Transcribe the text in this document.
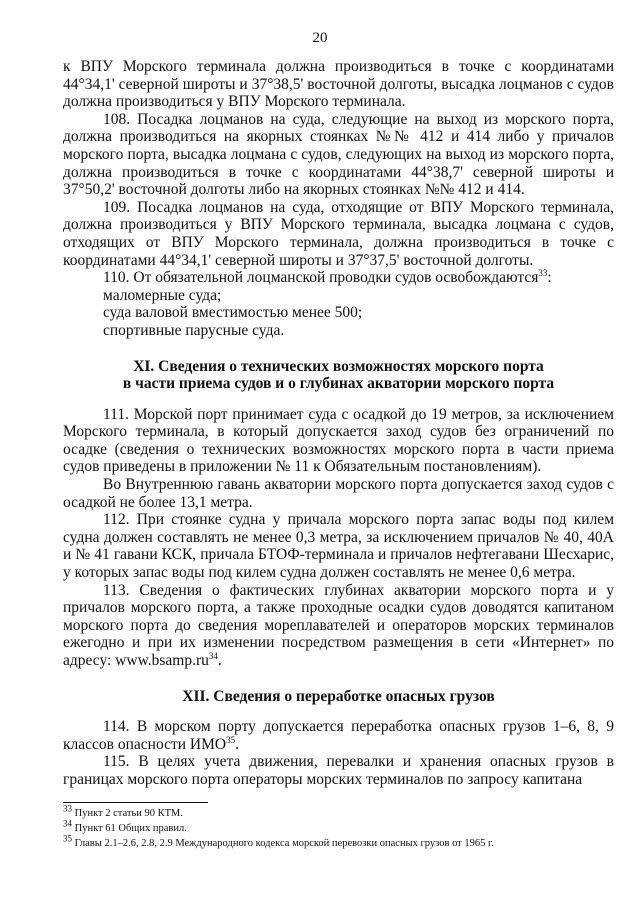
20

к ВПУ Морского терминала должна производиться в точке с координатами 44°34,1' северной широты и 37°38,5' восточной долготы, высадка лоцманов с судов должна производиться у ВПУ Морского терминала.

108. Посадка лоцманов на суда, следующие на выход из морского порта, должна производиться на якорных стоянках №№ 412 и 414 либо у причалов морского порта, высадка лоцмана с судов, следующих на выход из морского порта, должна производиться в точке с координатами 44°38,7' северной широты и 37°50,2' восточной долготы либо на якорных стоянках №№ 412 и 414.

109. Посадка лоцманов на суда, отходящие от ВПУ Морского терминала, должна производиться у ВПУ Морского терминала, высадка лоцмана с судов, отходящих от ВПУ Морского терминала, должна производиться в точке с координатами 44°34,1' северной широты и 37°37,5' восточной долготы.

110. От обязательной лоцманской проводки судов освобождаются$^{33}$:

маломерные суда;

суда валовой вместимостью менее 500;

спортивные парусные суда.

XI. Сведения о технических возможностях морского порта
в части приема судов и о глубинах акватории морского порта

111. Морской порт принимает суда с осадкой до 19 метров, за исключением Морского терминала, в который допускается заход судов без ограничений по осадке (сведения о технических возможностях морского порта в части приема судов приведены в приложении № 11 к Обязательным постановлениям).

Во Внутреннюю гавань акватории морского порта допускается заход судов с осадкой не более 13,1 метра.

112. При стоянке судна у причала морского порта запас воды под килем судна должен составлять не менее 0,3 метра, за исключением причалов № 40, 40А и № 41 гавани КСК, причала БТОФ-терминала и причалов нефтегавани Шесхарис, у которых запас воды под килем судна должен составлять не менее 0,6 метра.

113. Сведения о фактических глубинах акватории морского порта и у причалов морского порта, а также проходные осадки судов доводятся капитаном морского порта до сведения мореплавателей и операторов морских терминалов ежегодно и при их изменении посредством размещения в сети «Интернет» по адресу: $www.bsamp.ru^{34}$.

XII. Сведения о переработке опасных грузов

114. В морском порту допускается переработка опасных грузов 1–6, 8, 9 классов опасности ИМО$^{35}$.

115. В целях учета движения, перевалки и хранения опасных грузов в границах морского порта операторы морских терминалов по запросу капитана

$^{33}$ Пункт 2 статьи 90 КТМ.
$^{34}$ Пункт 61 Общих правил.
$^{35}$ Главы 2.1–2.6, 2.8, 2.9 Международного кодекса морской перевозки опасных грузов от 1965 г.
